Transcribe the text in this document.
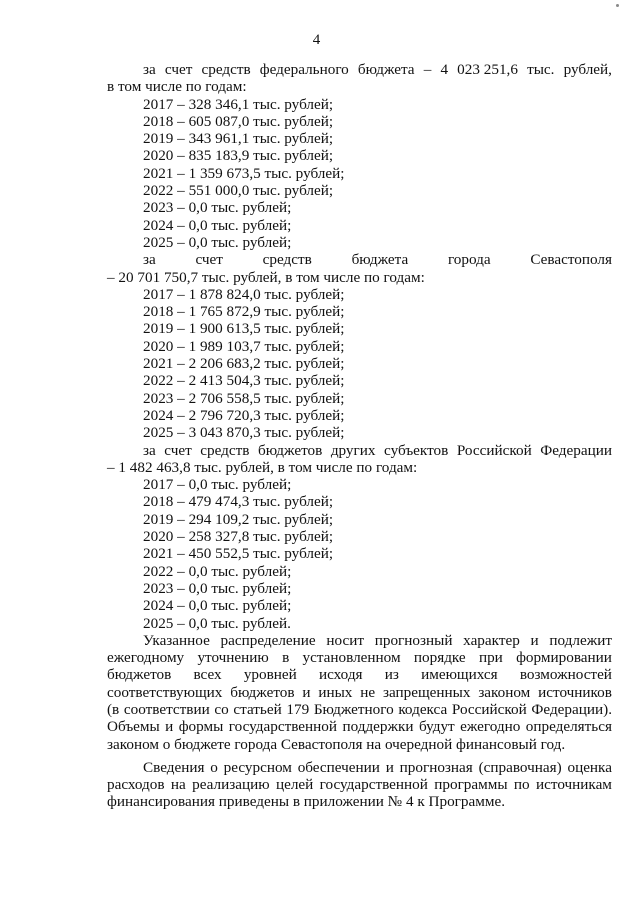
4
за счет средств федерального бюджета – 4 023 251,6 тыс. рублей,
в том числе по годам:
2017 – 328 346,1 тыс. рублей;
2018 – 605 087,0 тыс. рублей;
2019 – 343 961,1 тыс. рублей;
2020 – 835 183,9 тыс. рублей;
2021 – 1 359 673,5 тыс. рублей;
2022 – 551 000,0 тыс. рублей;
2023 – 0,0 тыс. рублей;
2024 – 0,0 тыс. рублей;
2025 – 0,0 тыс. рублей;
за	счет	средств	бюджета	города	Севастополя
– 20 701 750,7 тыс. рублей, в том числе по годам:
2017 – 1 878 824,0 тыс. рублей;
2018 – 1 765 872,9 тыс. рублей;
2019 – 1 900 613,5 тыс. рублей;
2020 – 1 989 103,7 тыс. рублей;
2021 – 2 206 683,2 тыс. рублей;
2022 – 2 413 504,3 тыс. рублей;
2023 – 2 706 558,5 тыс. рублей;
2024 – 2 796 720,3 тыс. рублей;
2025 – 3 043 870,3 тыс. рублей;
за счет средств бюджетов других субъектов Российской Федерации
– 1 482 463,8 тыс. рублей, в том числе по годам:
2017 – 0,0 тыс. рублей;
2018 – 479 474,3 тыс. рублей;
2019 – 294 109,2 тыс. рублей;
2020 – 258 327,8 тыс. рублей;
2021 – 450 552,5 тыс. рублей;
2022 – 0,0 тыс. рублей;
2023 – 0,0 тыс. рублей;
2024 – 0,0 тыс. рублей;
2025 – 0,0 тыс. рублей.
Указанное распределение носит прогнозный характер и подлежит
ежегодному уточнению в установленном порядке при формировании
бюджетов всех уровней исходя из имеющихся возможностей
соответствующих бюджетов и иных не запрещенных законом источников
(в соответствии со статьей 179 Бюджетного кодекса Российской Федерации).
Объемы и формы государственной поддержки будут ежегодно определяться
законом о бюджете города Севастополя на очередной финансовый год.
Сведения о ресурсном обеспечении и прогнозная (справочная) оценка
расходов на реализацию целей государственной программы по источникам
финансирования приведены в приложении № 4 к Программе.
